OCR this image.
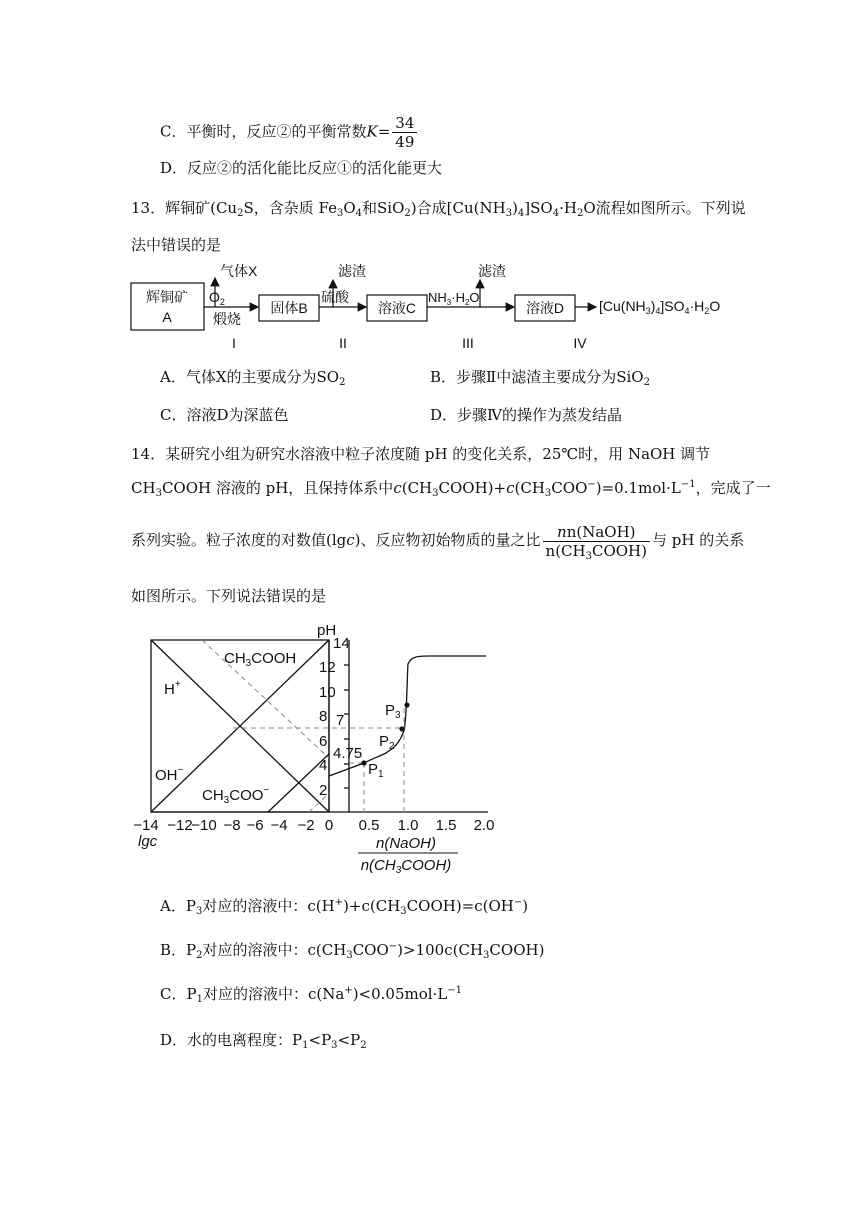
C．平衡时，反应②的平衡常数$K= \frac{34}{49}$
D．反应②的活化能比反应①的活化能更大
13．辉铜矿($Cu_2S$，含杂质 $Fe_3O_4$和SiO$_2$)合成$[Cu(NH_3)_4]SO_4\cdot H_2O$流程如图所示。下列说
法中错误的是
辉铜矿
A
固体B	溶液C	溶液D
气体X	滤渣	滤渣
$O_2$
煅烧
硫酸	$NH_3\cdot H_2O$
$[Cu(NH_3)_4]SO_4\cdot H_2O$
I	II	III	IV
A．气体X的主要成分为$SO_2$	B．步骤Ⅱ中滤渣主要成分为SiO$_2$
C．溶液D为深蓝色	D．步骤Ⅳ的操作为蒸发结晶
14．某研究小组为研究水溶液中粒子浓度随 pH 的变化关系，25℃时，用 NaOH 调节
$CH_3COOH$ 溶液的 pH，且保持体系中$c(CH_3COOH)+c(CH_3COO^-)=0.1mol\cdot L^{-1}$，完成了一
系列实验。粒子浓度的对数值(lgc)、反应物初始物质的量之比 $\frac{\text{nn(NaOH)}}{n(CH_3COOH)}$ 与 pH 的关系
如图所示。下列说法错误的是
pH
14
12
10
8
6
4
2
−14 −12
−10 −8 −6 −4 −2 0
lgc
0.5 1.0 1.5 2.0
n(NaOH)
$n(CH_3COOH)$
H+
OH−
$CH_3COOH$
$CH_3COO^-$
7
4.75
$P_1$
$P_2$
$P_3$
A．$P_3$对应的溶液中：$c(H^+)+c(CH_3COOH)=c(OH^-)$
B．$P_2$对应的溶液中：$c(CH_3COO^-)>100c(CH_3COOH)$
C．$P_1$对应的溶液中：$c(Na^+)<0.05mol\cdot L^{-1}$
D．水的电离程度：$P_1<P_3<P_2$
